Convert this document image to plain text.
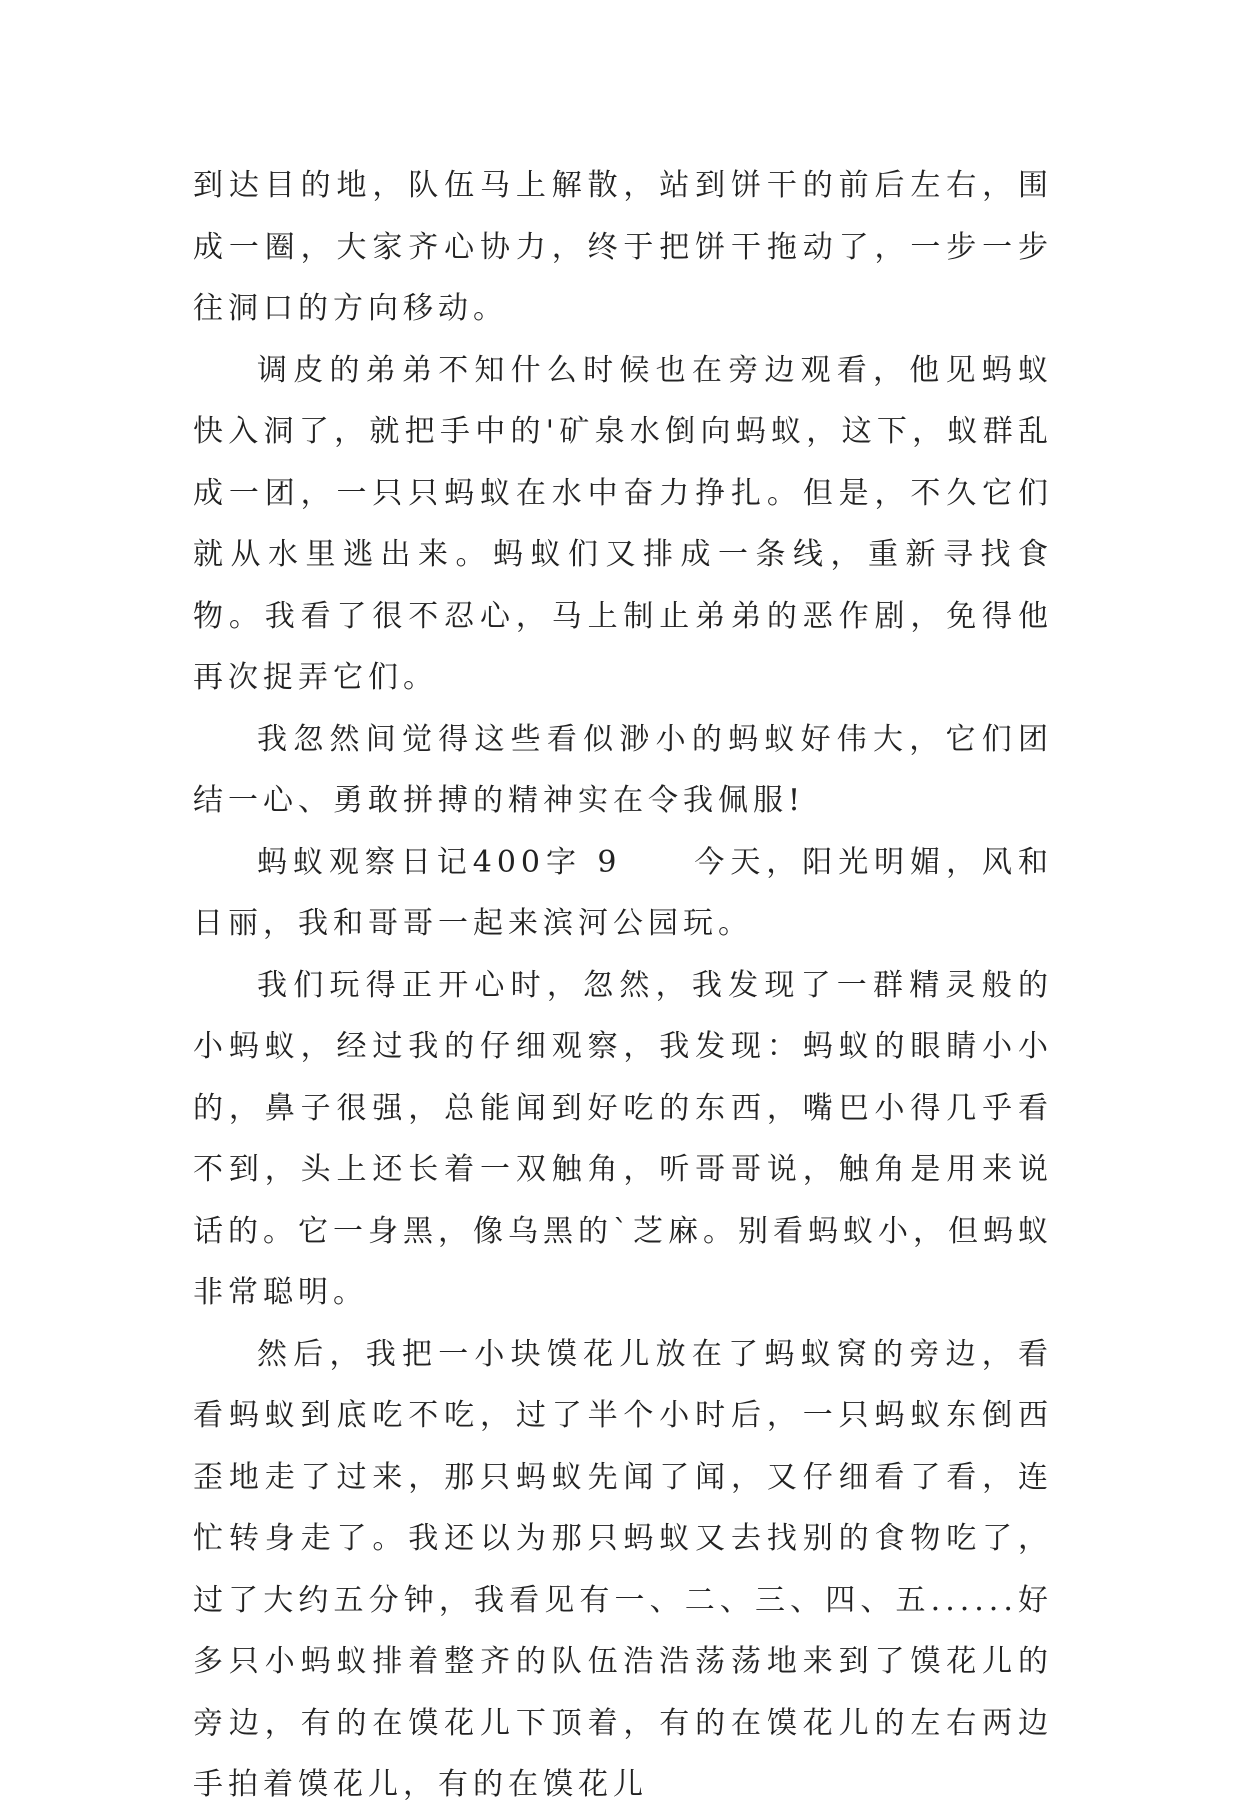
到达目的地，队伍马上解散，站到饼干的前后左右，围成一圈，大家齐心协力，终于把饼干拖动了，一步一步往洞口的方向移动。

调皮的弟弟不知什么时候也在旁边观看，他见蚂蚁快入洞了，就把手中的'矿泉水倒向蚂蚁，这下，蚁群乱成一团，一只只蚂蚁在水中奋力挣扎。但是，不久它们就从水里逃出来。蚂蚁们又排成一条线，重新寻找食物。我看了很不忍心，马上制止弟弟的恶作剧，免得他再次捉弄它们。

我忽然间觉得这些看似渺小的蚂蚁好伟大，它们团结一心、勇敢拼搏的精神实在令我佩服!

蚂蚁观察日记400字 9　　今天，阳光明媚，风和日丽，我和哥哥一起来滨河公园玩。

我们玩得正开心时，忽然，我发现了一群精灵般的小蚂蚁，经过我的仔细观察，我发现：蚂蚁的眼睛小小的，鼻子很强，总能闻到好吃的东西，嘴巴小得几乎看不到，头上还长着一双触角，听哥哥说，触角是用来说话的。它一身黑，像乌黑的`芝麻。别看蚂蚁小，但蚂蚁非常聪明。

然后，我把一小块馍花儿放在了蚂蚁窝的旁边，看看蚂蚁到底吃不吃，过了半个小时后，一只蚂蚁东倒西歪地走了过来，那只蚂蚁先闻了闻，又仔细看了看，连忙转身走了。我还以为那只蚂蚁又去找别的食物吃了，过了大约五分钟，我看见有一、二、三、四、五......好多只小蚂蚁排着整齐的队伍浩浩荡荡地来到了馍花儿的旁边，有的在馍花儿下顶着，有的在馍花儿的左右两边手拍着馍花儿，有的在馍花儿
